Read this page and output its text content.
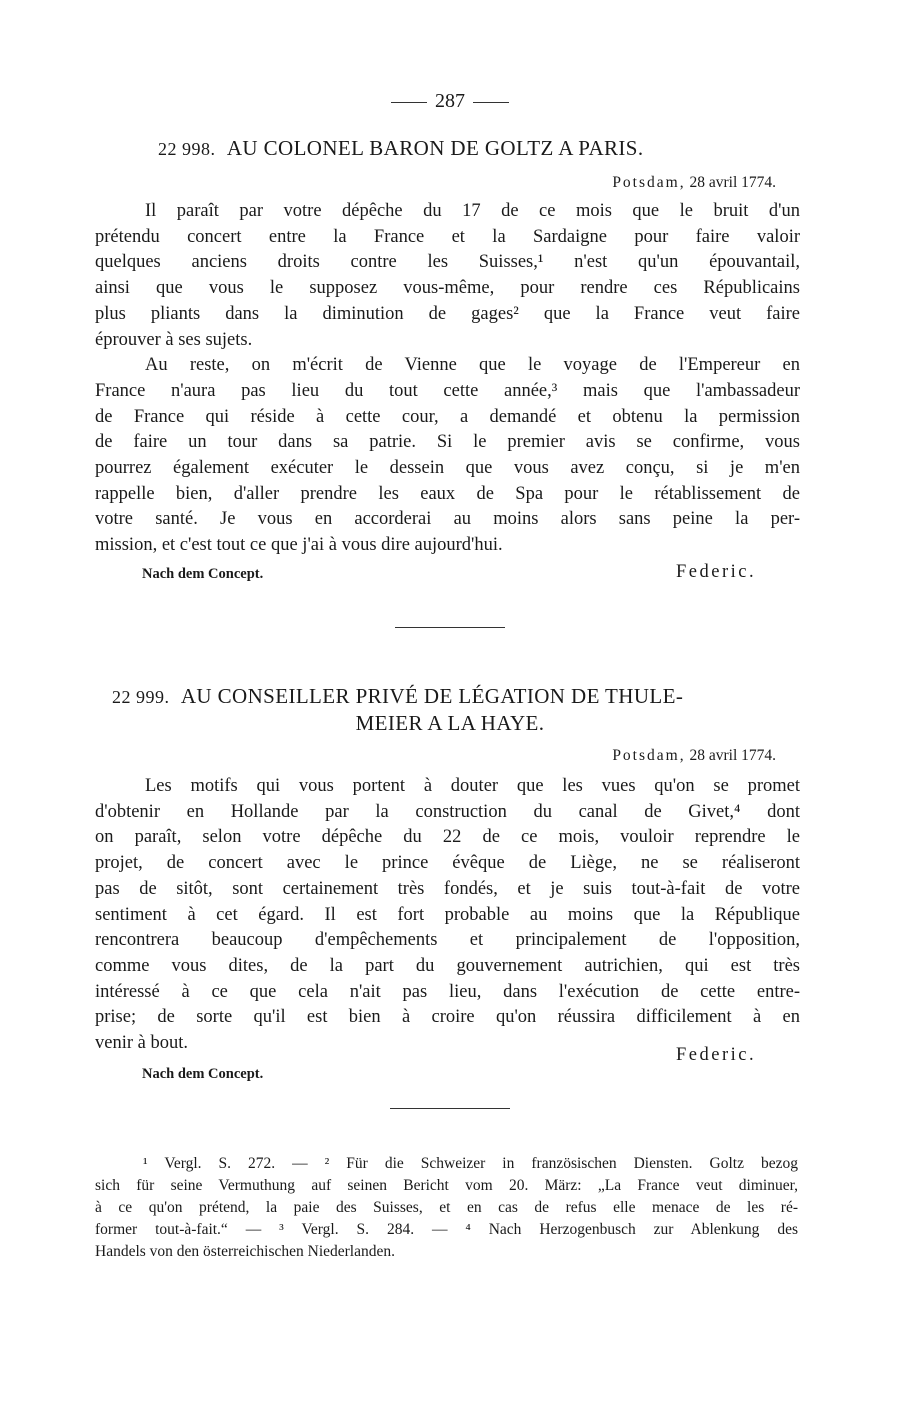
287
22 998. AU COLONEL BARON DE GOLTZ A PARIS.
Potsdam, 28 avril 1774.
Il paraît par votre dépêche du 17 de ce mois que le bruit d'un
prétendu concert entre la France et la Sardaigne pour faire valoir
quelques anciens droits contre les Suisses,¹ n'est qu'un épouvantail,
ainsi que vous le supposez vous-même, pour rendre ces Républicains
plus pliants dans la diminution de gages² que la France veut faire
éprouver à ses sujets.
Au reste, on m'écrit de Vienne que le voyage de l'Empereur en
France n'aura pas lieu du tout cette année,³ mais que l'ambassadeur
de France qui réside à cette cour, a demandé et obtenu la permission
de faire un tour dans sa patrie. Si le premier avis se confirme, vous
pourrez également exécuter le dessein que vous avez conçu, si je m'en
rappelle bien, d'aller prendre les eaux de Spa pour le rétablissement de
votre santé. Je vous en accorderai au moins alors sans peine la per-
mission, et c'est tout ce que j'ai à vous dire aujourd'hui.
Nach dem Concept.	Federic.
22 999. AU CONSEILLER PRIVÉ DE LÉGATION DE THULE-
MEIER A LA HAYE.
Potsdam, 28 avril 1774.
Les motifs qui vous portent à douter que les vues qu'on se promet
d'obtenir en Hollande par la construction du canal de Givet,⁴ dont
on paraît, selon votre dépêche du 22 de ce mois, vouloir reprendre le
projet, de concert avec le prince évêque de Liège, ne se réaliseront
pas de sitôt, sont certainement très fondés, et je suis tout-à-fait de votre
sentiment à cet égard. Il est fort probable au moins que la République
rencontrera beaucoup d'empêchements et principalement de l'opposition,
comme vous dites, de la part du gouvernement autrichien, qui est très
intéressé à ce que cela n'ait pas lieu, dans l'exécution de cette entre-
prise; de sorte qu'il est bien à croire qu'on réussira difficilement à en
venir à bout.
Federic.
Nach dem Concept.
¹ Vergl. S. 272. — ² Für die Schweizer in französischen Diensten. Goltz bezog
sich für seine Vermuthung auf seinen Bericht vom 20. März: „La France veut diminuer,
à ce qu'on prétend, la paie des Suisses, et en cas de refus elle menace de les ré-
former tout-à-fait.“ — ³ Vergl. S. 284. — ⁴ Nach Herzogenbusch zur Ablenkung des
Handels von den österreichischen Niederlanden.
